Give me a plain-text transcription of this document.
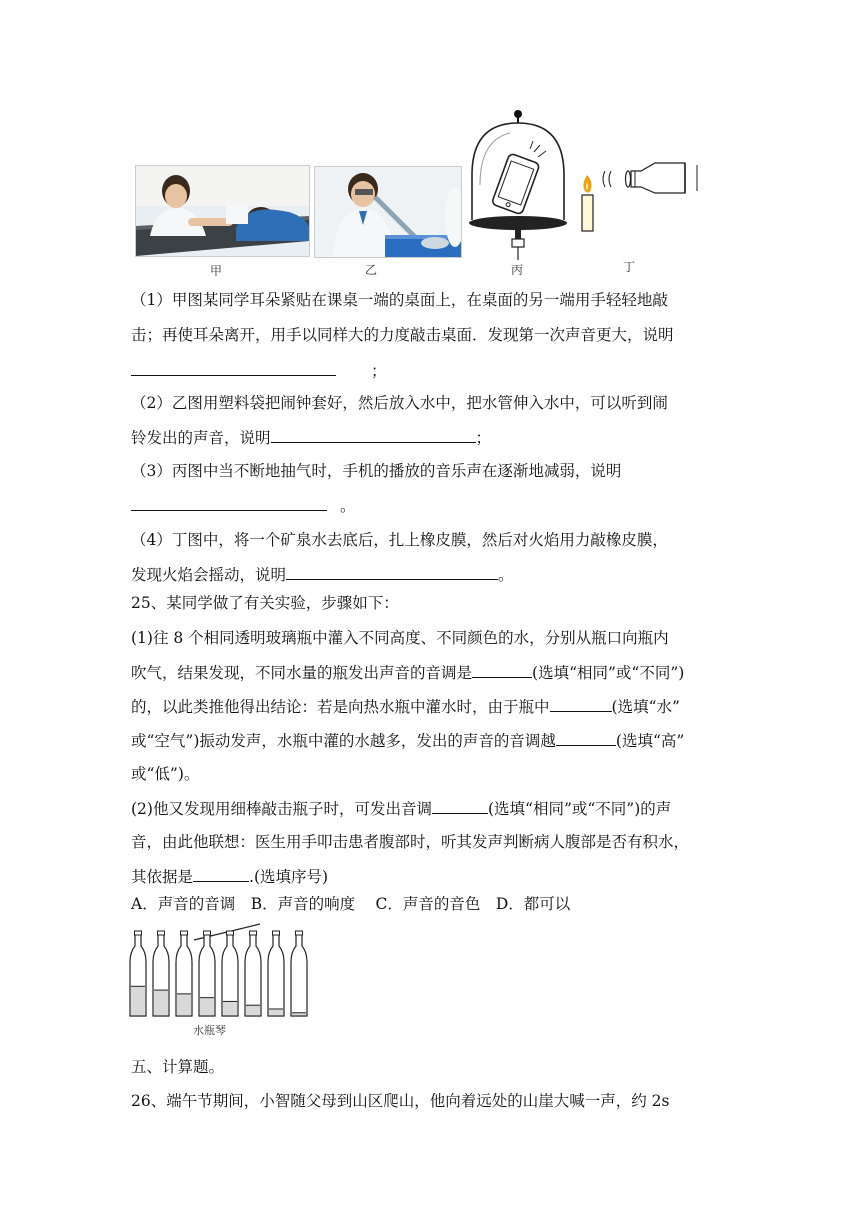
甲	乙	丙	丁
（1）甲图某同学耳朵紧贴在课桌一端的桌面上，在桌面的另一端用手轻轻地敲
击；再使耳朵离开，用手以同样大的力度敲击桌面．发现第一次声音更大，说明
；
（2）乙图用塑料袋把闹钟套好，然后放入水中，把水管伸入水中，可以听到闹
铃发出的声音，说明	；
（3）丙图中当不断地抽气时，手机的播放的音乐声在逐渐地减弱，说明
。
（4）丁图中，将一个矿泉水去底后，扎上橡皮膜，然后对火焰用力敲橡皮膜，
发现火焰会摇动，说明	。
25、某同学做了有关实验，步骤如下：
(1)往 8 个相同透明玻璃瓶中灌入不同高度、不同颜色的水，分别从瓶口向瓶内
吹气，结果发现，不同水量的瓶发出声音的音调是	(选填“相同”或“不同”)
的，以此类推他得出结论：若是向热水瓶中灌水时，由于瓶中	(选填“水”
或“空气”)振动发声，水瓶中灌的水越多，发出的声音的音调越	(选填“高”
或“低”)。
(2)他又发现用细棒敲击瓶子时，可发出音调	(选填“相同”或“不同”)的声
音，由此他联想：医生用手叩击患者腹部时，听其发声判断病人腹部是否有积水，
其依据是	.(选填序号)
A．声音的音调　B．声音的响度　 C．声音的音色　D．都可以
水瓶琴
五、计算题。
26、端午节期间，小智随父母到山区爬山，他向着远处的山崖大喊一声，约 2s
